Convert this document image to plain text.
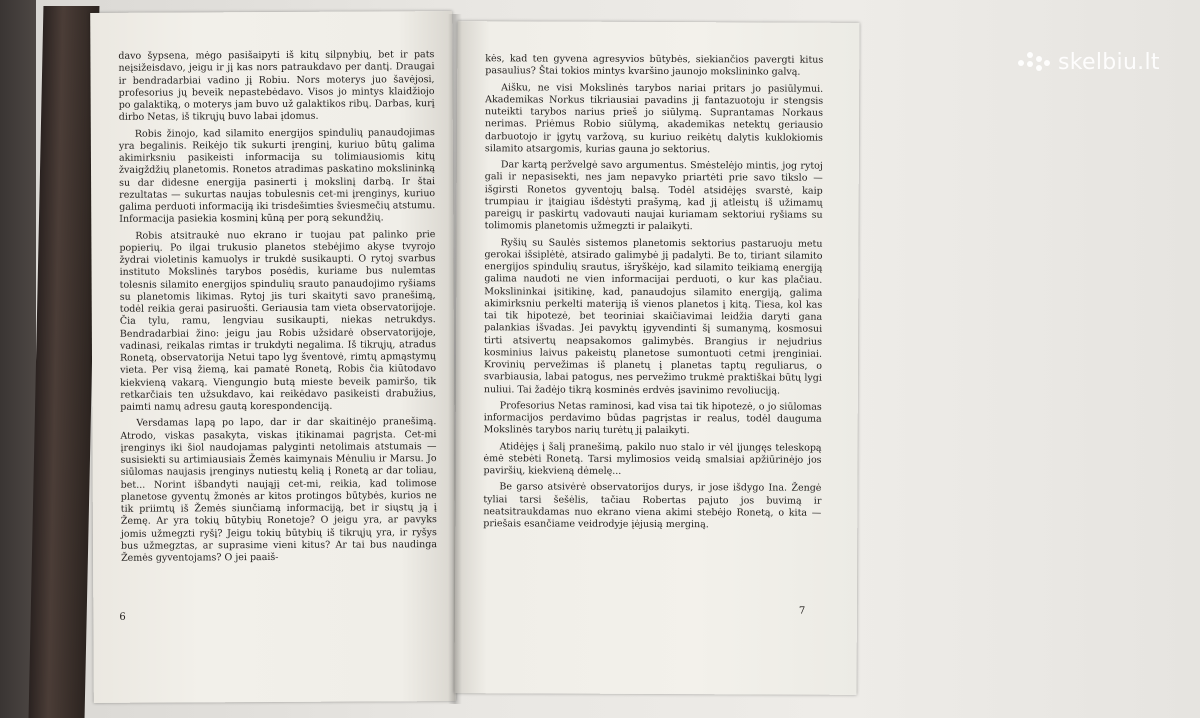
davo šypsena, mėgo pasišaipyti iš kitų silpnybių, bet ir pats neįsižeisdavo, jeigu ir jį kas nors patraukdavo per dantį. Draugai ir bendradarbiai vadino jį Robiu. Nors moterys juo šavėjosi, profesorius jų beveik nepastebėdavo. Visos jo mintys klaidžiojo po galaktiką, o moterys jam buvo už galaktikos ribų. Darbas, kurį dirbo Netas, iš tikrųjų buvo labai įdomus.

Robis žinojo, kad silamito energijos spindulių panaudojimas yra begalinis. Reikėjo tik sukurti įrenginį, kuriuo būtų galima akimirksniu pasikeisti informacija su tolimiausiomis kitų žvaigždžių planetomis. Ronetos atradimas paskatino mokslininką su dar didesne energija pasinerti į mokslinį darbą. Ir štai rezultatas — sukurtas naujas tobulesnis cet-mi įrenginys, kuriuo galima perduoti informaciją iki trisdešimties šviesmečių atstumu. Informacija pasiekia kosminį kūną per porą sekundžių.

Robis atsitraukė nuo ekrano ir tuojau pat palinko prie popierių. Po ilgai trukusio planetos stebėjimo akyse tvyrojo žydrai violetinis kamuolys ir trukdė susikaupti. O rytoj svarbus instituto Mokslinės tarybos posėdis, kuriame bus nulemtas tolesnis silamito energijos spindulių srauto panaudojimo ryšiams su planetomis likimas. Rytoj jis turi skaityti savo pranešimą, todėl reikia gerai pasiruošti. Geriausia tam vieta observatorijoje. Čia tylu, ramu, lengviau susikaupti, niekas netrukdys. Bendradarbiai žino: jeigu jau Robis užsidarė observatorijoje, vadinasi, reikalas rimtas ir trukdyti negalima. Iš tikrųjų, atradus Ronetą, observatorija Netui tapo lyg šventovė, rimtų apmąstymų vieta. Per visą žiemą, kai pamatė Ronetą, Robis čia kiūtodavo kiekvieną vakarą. Viengungio butą mieste beveik pamiršo, tik retkarčiais ten užsukdavo, kai reikėdavo pasikeisti drabužius, paimti namų adresu gautą korespondenciją.

Versdamas lapą po lapo, dar ir dar skaitinėjo pranešimą. Atrodo, viskas pasakyta, viskas įtikinamai pagrįsta. Cet-mi įrenginys iki šiol naudojamas palyginti netolimais atstumais — susisiekti su artimiausiais Žemės kaimynais Mėnuliu ir Marsu. Jo siūlomas naujasis įrenginys nutiestų kelią į Ronetą ar dar toliau, bet... Norint išbandyti naująjį cet-mi, reikia, kad tolimose planetose gyventų žmonės ar kitos protingos būtybės, kurios ne tik priimtų iš Žemės siunčiamą informaciją, bet ir siųstų ją į Žemę. Ar yra tokių būtybių Ronetoje? O jeigu yra, ar pavyks jomis užmegzti ryšį? Jeigu tokių būtybių iš tikrųjų yra, ir ryšys bus užmegztas, ar suprasime vieni kitus? Ar tai bus naudinga Žemės gyventojams? O jei paaiš-

6

kės, kad ten gyvena agresyvios būtybės, siekiančios pavergti kitus pasaulius? Štai tokios mintys kvaršino jaunojo mokslininko galvą.

Aišku, ne visi Mokslinės tarybos nariai pritars jo pasiūlymui. Akademikas Norkus tikriausiai pavadins jį fantazuotoju ir stengsis nuteikti tarybos narius prieš jo siūlymą. Suprantamas Norkaus nerimas. Priėmus Robio siūlymą, akademikas netektų geriausio darbuotojo ir įgytų varžovą, su kuriuo reikėtų dalytis kuklokiomis silamito atsargomis, kurias gauna jo sektorius.

Dar kartą peržvelgė savo argumentus. Smėstelėjo mintis, jog rytoj gali ir nepasisekti, nes jam nepavyko priartėti prie savo tikslo — išgirsti Ronetos gyventojų balsą. Todėl atsidėjęs svarstė, kaip trumpiau ir įtaigiau išdėstyti prašymą, kad jį atleistų iš užimamų pareigų ir paskirtų vadovauti naujai kuriamam sektoriui ryšiams su tolimomis planetomis užmegzti ir palaikyti.

Ryšių su Saulės sistemos planetomis sektorius pastaruoju metu gerokai išsiplėtė, atsirado galimybė jį padalyti. Be to, tiriant silamito energijos spindulių srautus, išryškėjo, kad silamito teikiamą energiją galima naudoti ne vien informacijai perduoti, o kur kas plačiau. Mokslininkai įsitikinę, kad, panaudojus silamito energiją, galima akimirksniu perkelti materiją iš vienos planetos į kitą. Tiesa, kol kas tai tik hipotezė, bet teoriniai skaičiavimai leidžia daryti gana palankias išvadas. Jei pavyktų įgyvendinti šį sumanymą, kosmosui tirti atsivertų neapsakomos galimybės. Brangius ir nejudrius kosminius laivus pakeistų planetose sumontuoti cetmi įrenginiai. Krovinių pervežimas iš planetų į planetas taptų reguliarus, o svarbiausia, labai patogus, nes pervežimo trukmė praktiškai būtų lygi nuliui. Tai žadėjo tikrą kosminės erdvės įsavinimo revoliuciją.

Profesorius Netas raminosi, kad visa tai tik hipotezė, o jo siūlomas informacijos perdavimo būdas pagrįstas ir realus, todėl dauguma Mokslinės tarybos narių turėtų jį palaikyti.

Atidėjęs į šalį pranešimą, pakilo nuo stalo ir vėl įjungęs teleskopą ėmė stebėti Ronetą. Tarsi mylimosios veidą smalsiai apžiūrinėjo jos paviršių, kiekvieną dėmelę...

Be garso atsivėrė observatorijos durys, ir jose išdygo Ina. Žengė tyliai tarsi šešėlis, tačiau Robertas pajuto jos buvimą ir neatsitraukdamas nuo ekrano viena akimi stebėjo Ronetą, o kita — priešais esančiame veidrodyje įėjusią merginą.

7
skelbiu.lt
